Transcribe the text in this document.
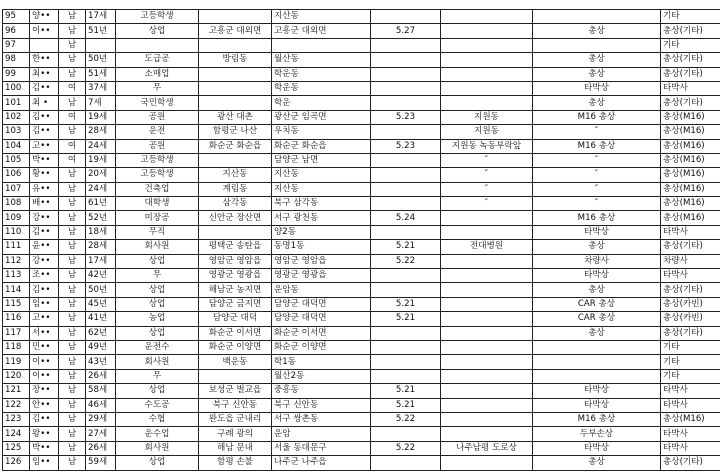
95	양••	남	17세	고등학생		지산동				기타
96	이••	남	51년	상업	고흥군 대외면	고흥군 대외면	5.27		총상	총상(기타)
97		남								기타
98	한••	남	50년	도급공	방림동	월산동			총상	총상(기타)
99	최••	남	51세	소매업		학운동			총상	총상(기타)
100	김••	여	37세	무		학운동			타박상	타박사
101	최 •	남	7세	국민학생		학운			총상	총상(기타)
102	김••	여	19세	공원	광산 대촌	광산군 임곡면	5.23	지원동	M16 총상	총상(M16)
103	김••	남	28세	운전	함평군 나산	우치동		지원동	″	총상(M16)
104	고••	여	24세	공원	화순군 화순읍	화순군 화순읍	5.23	지원동 녹동부락앞	M16 총상	총상(M16)
105	박••	여	19세	고등학생		담양군 남면		″	″	총상(M16)
106	황••	남	20세	고등학생	지산동	지산동		″	″	총상(M16)
107	유••	남	24세	건축업	계림동	지산동		″	″	총상(M16)
108	배••	남	61년	대학생	삼각동	북구 삼각동		″	″	총상(M16)
109	강••	남	52년	미장공	신안군 장산면	서구 광천동	5.24		M16 총상	총상(M16)
110	김••	남	18세	무직		양2동			타박상	타박사
111	윤••	남	28세	회사원	평택군 송탄읍	동명1동	5.21	전대병원	총상	총상(기타)
112	강••	남	17세	상업	영암군 영암읍	영암군 영암읍	5.22		차량사	차량사
113	조••	남	42년	무	영광군 영광읍	영광군 영광읍			타박상	타박사
114	김••	남	50년	상업	해남군 농지면	운암동			총상	총상(기타)
115	임••	남	45년	상업	담양군 금지면	담양군 대덕면	5.21		CAR 총상	총상(카빈)
116	고••	남	41년	농업	담양군 대덕	담양군 대덕면	5.21		CAR 총상	총상(카빈)
117	서••	남	62년	상업	화순군 이서면	화순군 이서면			총상	총상(기타)
118	민••	남	49년	운전수	화순군 이양면	화순군 이양면				기타
119	이••	남	43년	회사원	백운동	학1동				기타
120	이••	남	26세	무		월산2동				기타
121	장••	남	58세	상업	보성군 벌교읍	중흥동	5.21		타박상	타박사
122	안••	남	46세	수도공	북구 신안동	북구 신안동	5.21		타박상	타박사
123	김••	남	29세	수협	완도읍 군내리	서구 쌍촌동	5.22		M16 총상	총상(M16)
124	왕••	남	27세	운수업	구례 광의	운암			두부손상	타박사
125	박••	남	26세	회사원	해남 문내	서울 동대문구	5.22	나주남평 도로상	타박상	타박사
126	임••	남	59세	상업	함평 손불	나주군 나주읍			총상	총상(기타)
